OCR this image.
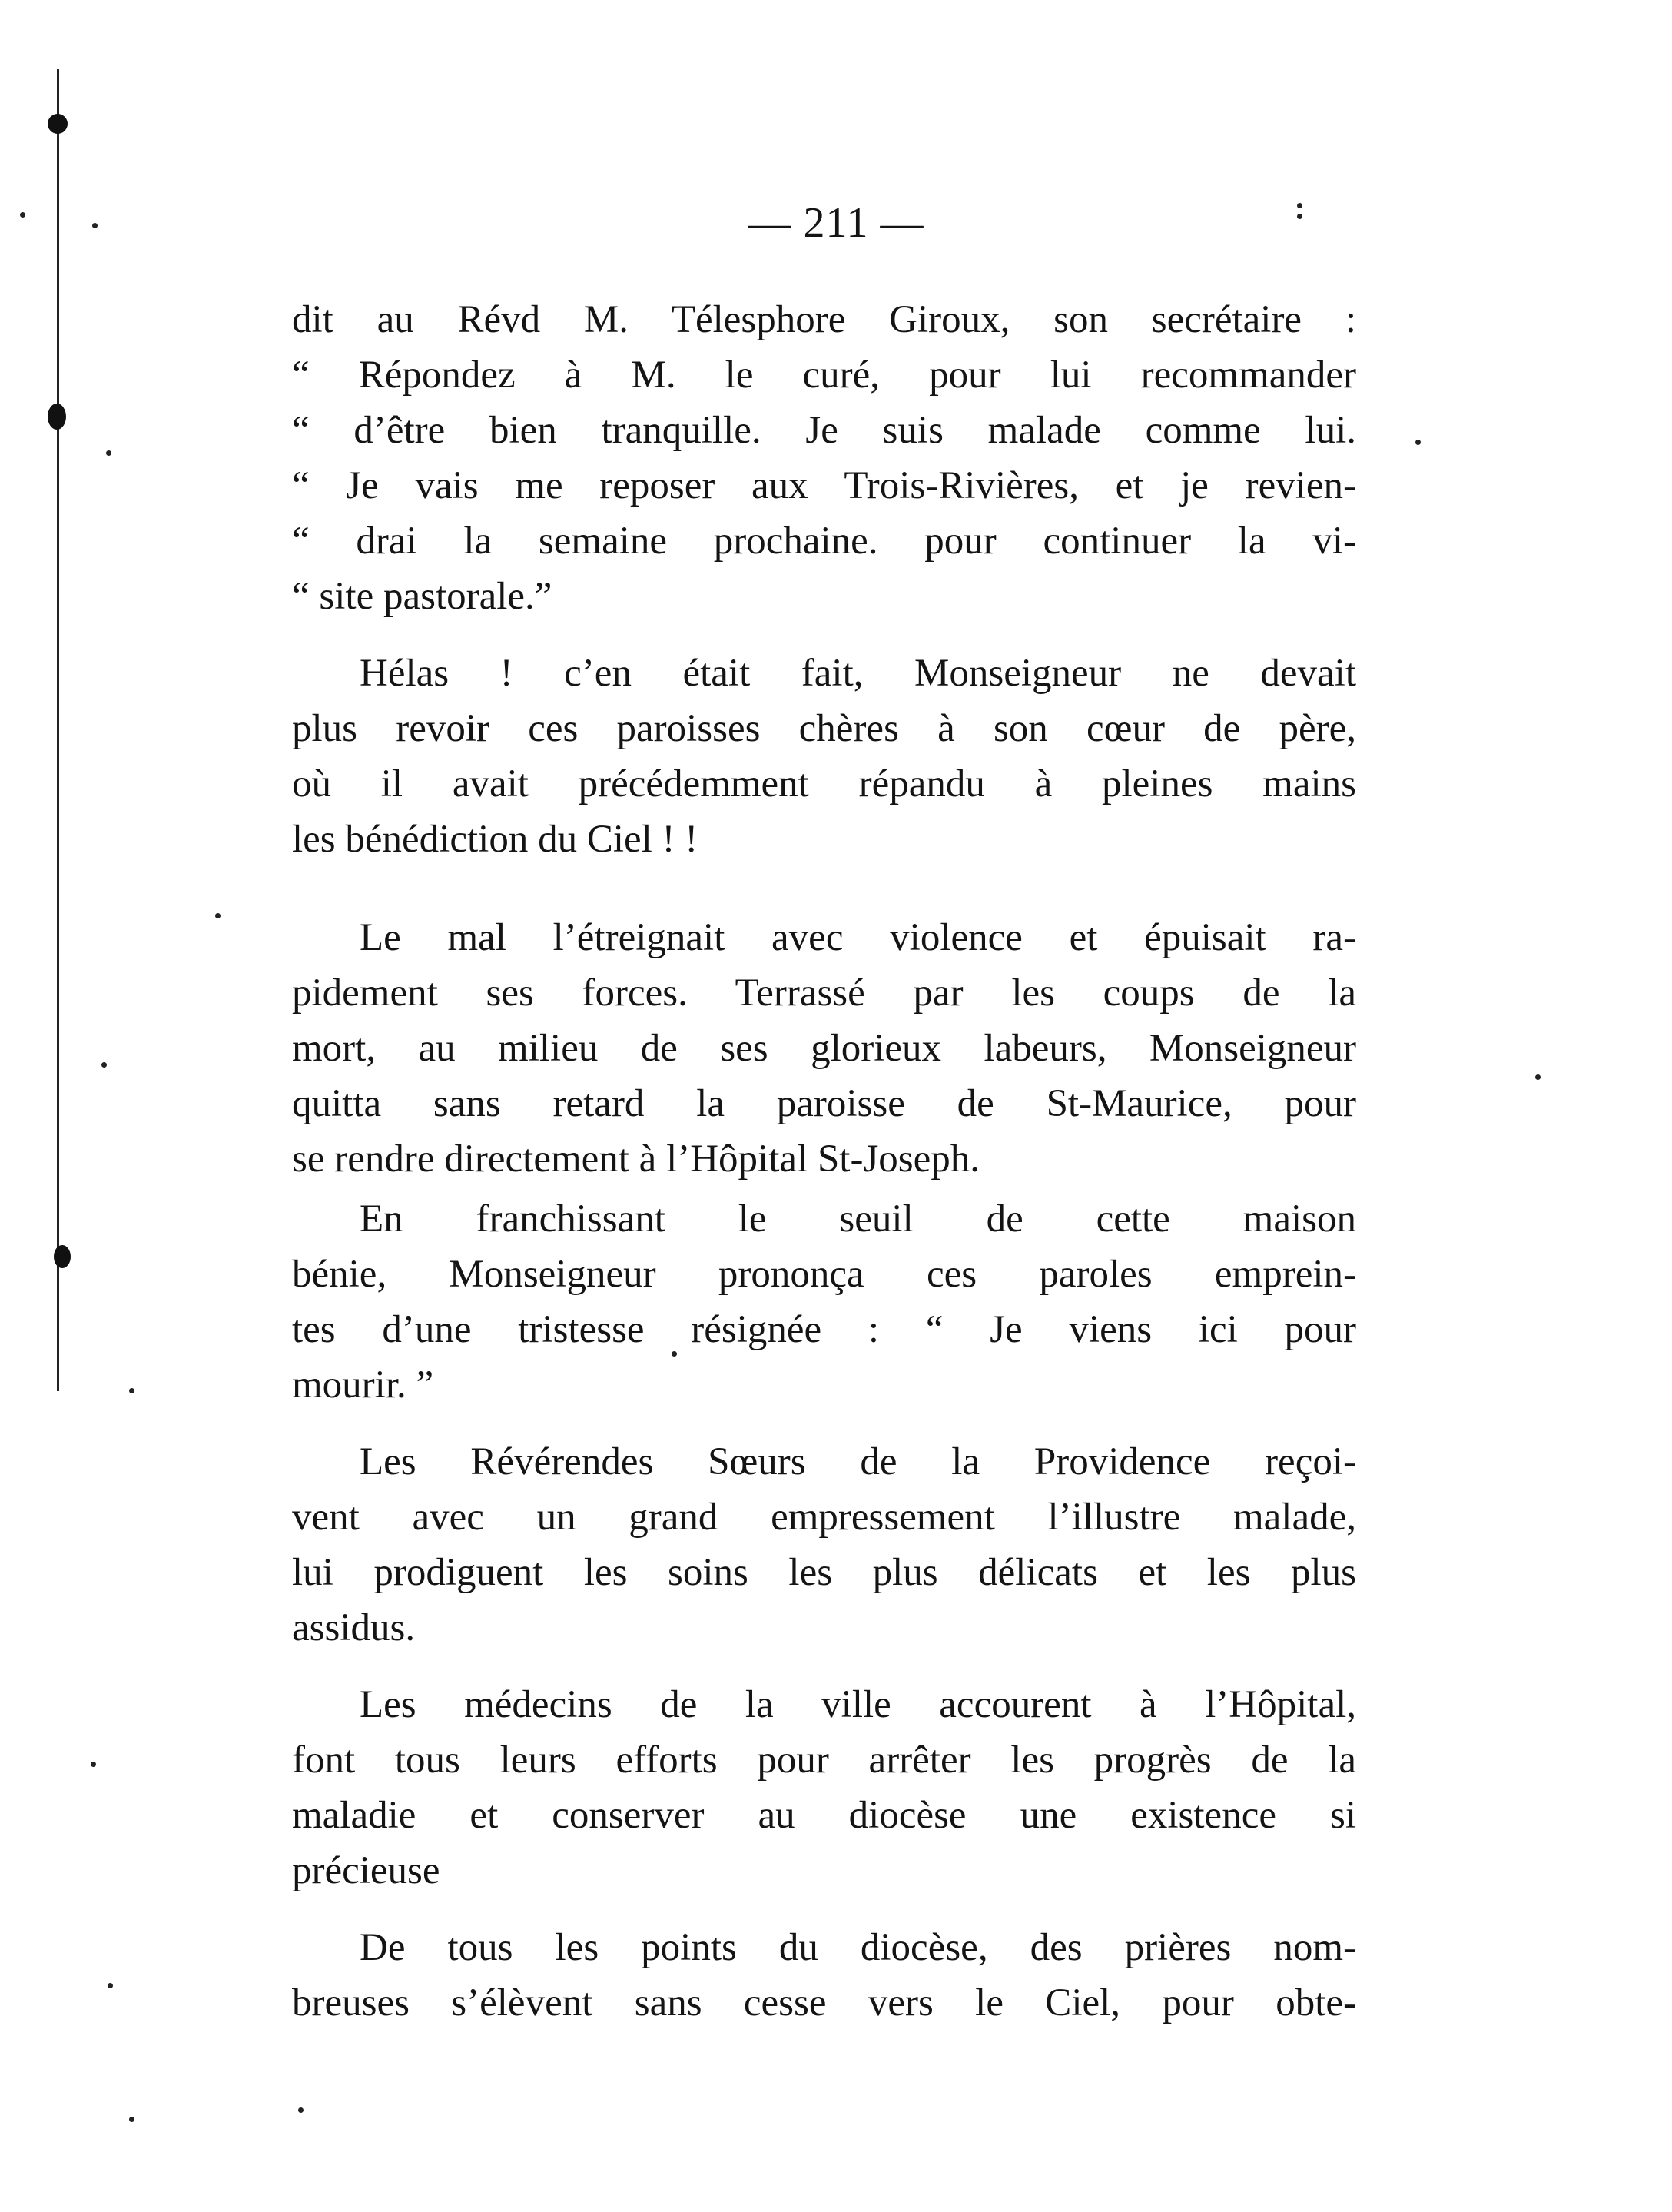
— 211 —

dit au Révd M. Télesphore Giroux, son secrétaire :
“ Répondez à M. le curé, pour lui recommander
“ d’être bien tranquille. Je suis malade comme lui.
“ Je vais me reposer aux Trois-Rivières, et je revien-
“ drai la semaine prochaine. pour continuer la vi-
“ site pastorale.”

Hélas ! c’en était fait, Monseigneur ne devait
plus revoir ces paroisses chères à son cœur de père,
où il avait précédemment répandu à pleines mains
les bénédiction du Ciel ! !

Le mal l’étreignait avec violence et épuisait ra-
pidement ses forces. Terrassé par les coups de la
mort, au milieu de ses glorieux labeurs, Monseigneur
quitta sans retard la paroisse de St-Maurice, pour
se rendre directement à l’Hôpital St-Joseph.

En franchissant le seuil de cette maison
bénie, Monseigneur prononça ces paroles emprein-
tes d’une tristesse résignée : “ Je viens ici pour
mourir. ”

Les Révérendes Sœurs de la Providence reçoi-
vent avec un grand empressement l’illustre malade,
lui prodiguent les soins les plus délicats et les plus
assidus.

Les médecins de la ville accourent à l’Hôpital,
font tous leurs efforts pour arrêter les progrès de la
maladie et conserver au diocèse une existence si
précieuse

De tous les points du diocèse, des prières nom-
breuses s’élèvent sans cesse vers le Ciel, pour obte-
